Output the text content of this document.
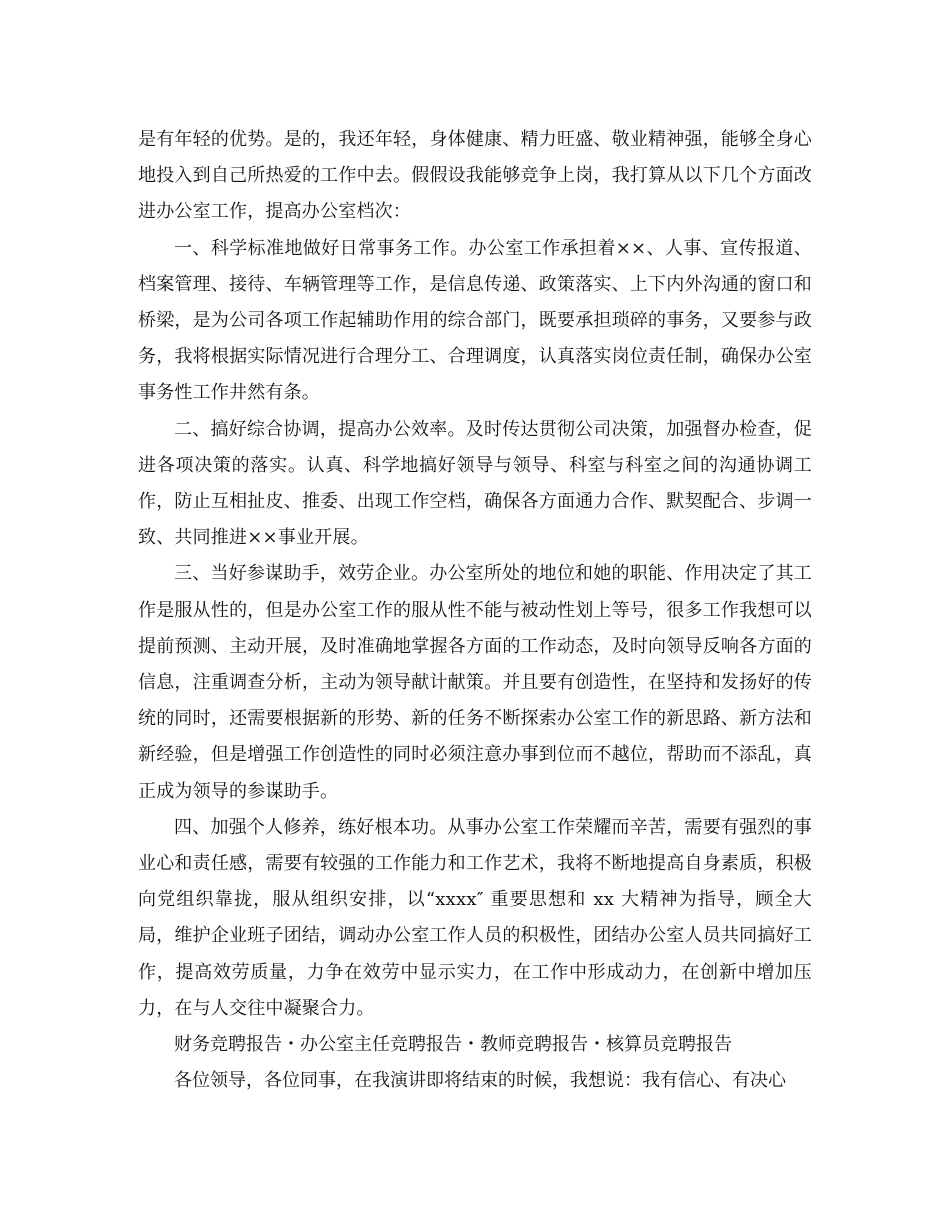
是有年轻的优势。是的，我还年轻，身体健康、精力旺盛、敬业精神强，能够全身心地投入到自己所热爱的工作中去。假假设我能够竞争上岗，我打算从以下几个方面改进办公室工作，提高办公室档次：

一、科学标准地做好日常事务工作。办公室工作承担着××、人事、宣传报道、档案管理、接待、车辆管理等工作，是信息传递、政策落实、上下内外沟通的窗口和桥梁，是为公司各项工作起辅助作用的综合部门，既要承担琐碎的事务，又要参与政务，我将根据实际情况进行合理分工、合理调度，认真落实岗位责任制，确保办公室事务性工作井然有条。

二、搞好综合协调，提高办公效率。及时传达贯彻公司决策，加强督办检查，促进各项决策的落实。认真、科学地搞好领导与领导、科室与科室之间的沟通协调工作，防止互相扯皮、推委、出现工作空档，确保各方面通力合作、默契配合、步调一致、共同推进××事业开展。

三、当好参谋助手，效劳企业。办公室所处的地位和她的职能、作用决定了其工作是服从性的，但是办公室工作的服从性不能与被动性划上等号，很多工作我想可以提前预测、主动开展，及时准确地掌握各方面的工作动态，及时向领导反响各方面的信息，注重调查分析，主动为领导献计献策。并且要有创造性，在坚持和发扬好的传统的同时，还需要根据新的形势、新的任务不断探索办公室工作的新思路、新方法和新经验，但是增强工作创造性的同时必须注意办事到位而不越位，帮助而不添乱，真正成为领导的参谋助手。

四、加强个人修养，练好根本功。从事办公室工作荣耀而辛苦，需要有强烈的事业心和责任感，需要有较强的工作能力和工作艺术，我将不断地提高自身素质，积极向党组织靠拢，服从组织安排，以“xxxx″ 重要思想和 xx 大精神为指导，顾全大局，维护企业班子团结，调动办公室工作人员的积极性，团结办公室人员共同搞好工作，提高效劳质量，力争在效劳中显示实力，在工作中形成动力，在创新中增加压力，在与人交往中凝聚合力。

财务竞聘报告・办公室主任竞聘报告・教师竞聘报告・核算员竞聘报告

各位领导，各位同事，在我演讲即将结束的时候，我想说：我有信心、有决心
